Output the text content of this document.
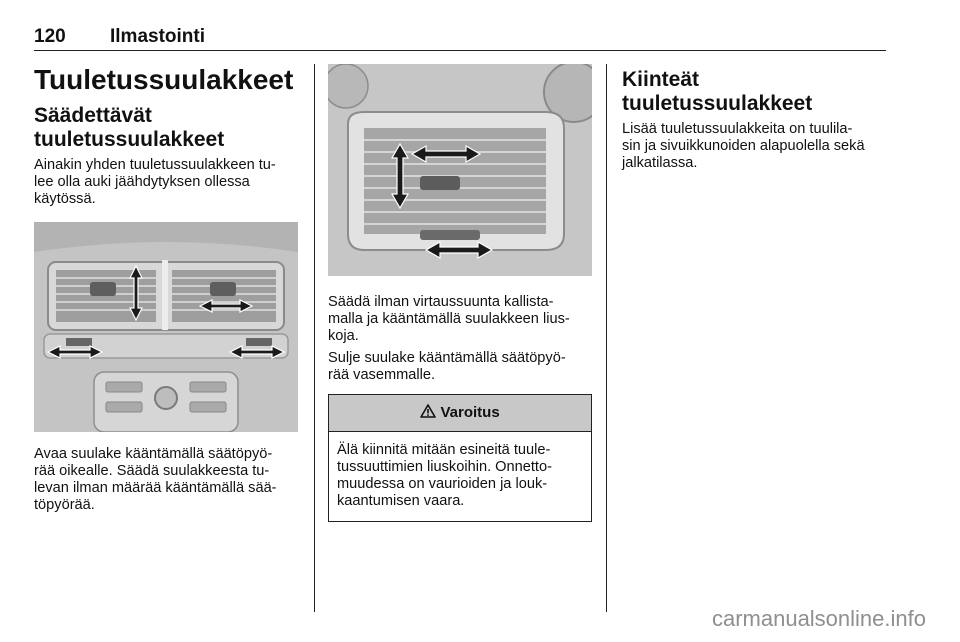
120 Ilmastointi
Tuuletussuulakkeet
Säädettävät
tuuletussuulakkeet

Ainakin yhden tuuletussuulakkeen tu-

lee olla auki jäähdytyksen ollessa

käytössä.

Avaa suulake kääntämällä säätöpyö-

rää oikealle. Säädä suulakkeesta tu-

levan ilman määrää kääntämällä sää-

töpyörää.

Säädä ilman virtaussuunta kallista-

malla ja kääntämällä suulakkeen lius-

koja.

Sulje suulake kääntämällä säätöpyö-

rää vasemmalle.

Varoitus

Älä kiinnitä mitään esineitä tuule-

tussuuttimien liuskoihin. Onnetto-

muudessa on vaurioiden ja louk-

kaantumisen vaara.

Kiinteät tuuletussuulakkeet

Lisää tuuletussuulakkeita on tuulila-

sin ja sivuikkunoiden alapuolella sekä

jalkatilassa.

carmanualsonline.info
